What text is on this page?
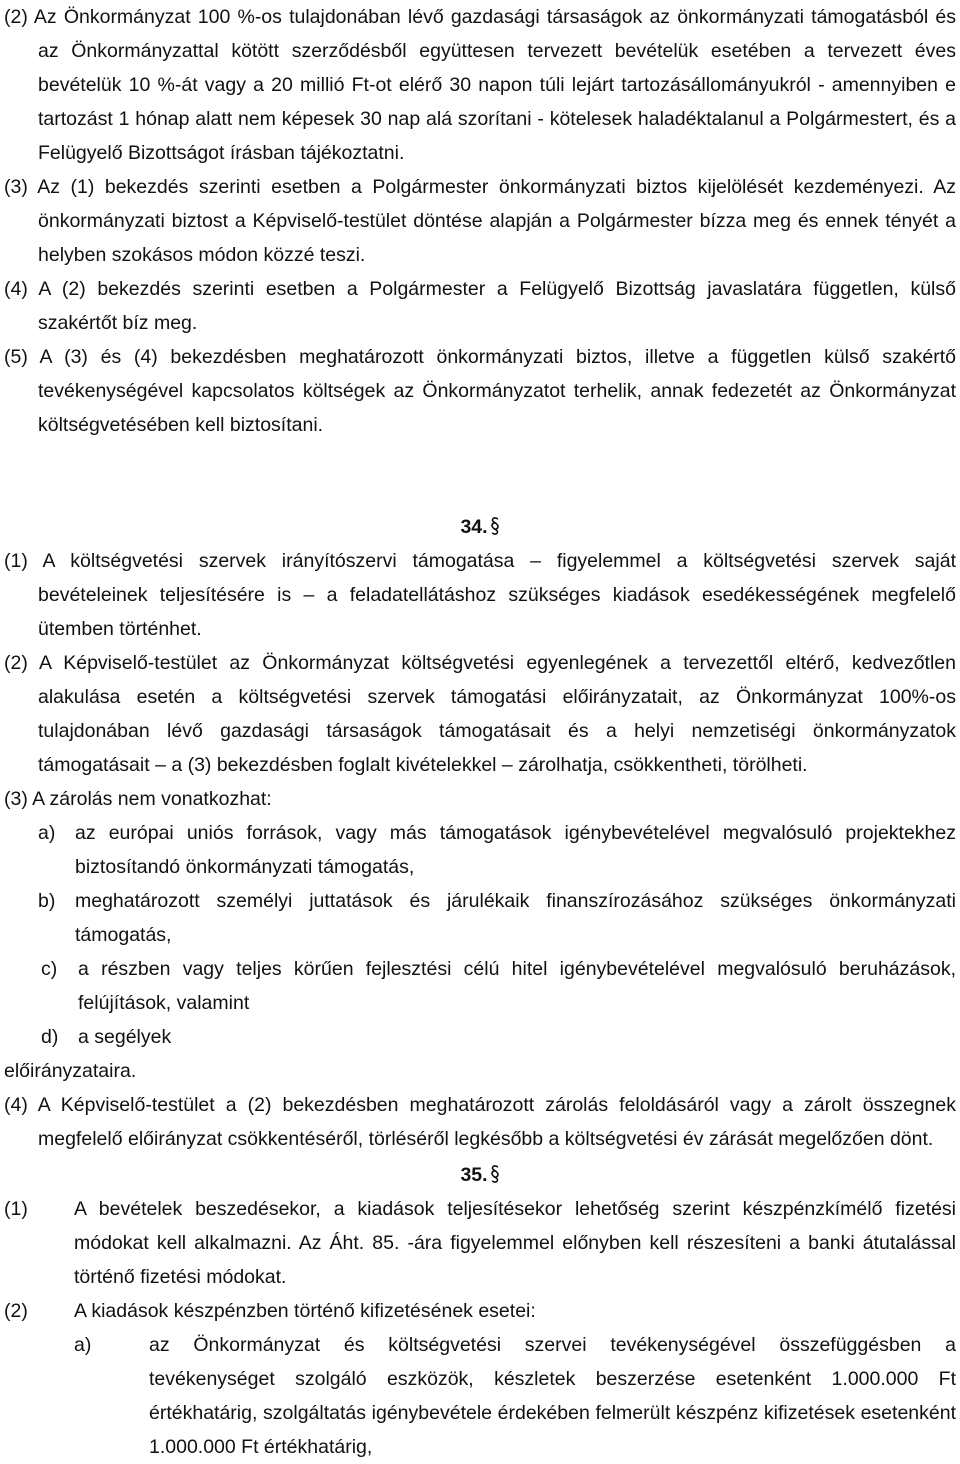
(2) Az Önkormányzat 100 %-os tulajdonában lévő gazdasági társaságok az önkormányzati támogatásból és az Önkormányzattal kötött szerződésből együttesen tervezett bevételük esetében a tervezett éves bevételük 10 %-át vagy a 20 millió Ft-ot elérő 30 napon túli lejárt tartozásállományukról - amennyiben e tartozást 1 hónap alatt nem képesek 30 nap alá szorítani - kötelesek haladéktalanul a Polgármestert, és a Felügyelő Bizottságot írásban tájékoztatni.

(3) Az (1) bekezdés szerinti esetben a Polgármester önkormányzati biztos kijelölését kezdeményezi. Az önkormányzati biztost a Képviselő-testület döntése alapján a Polgármester bízza meg és ennek tényét a helyben szokásos módon közzé teszi.

(4) A (2) bekezdés szerinti esetben a Polgármester a Felügyelő Bizottság javaslatára független, külső szakértőt bíz meg.

(5) A (3) és (4) bekezdésben meghatározott önkormányzati biztos, illetve a független külső szakértő tevékenységével kapcsolatos költségek az Önkormányzatot terhelik, annak fedezetét az Önkormányzat költségvetésében kell biztosítani.

34.

(1) A költségvetési szervek irányítószervi támogatása – figyelemmel a költségvetési szervek saját bevételeinek teljesítésére is – a feladatellátáshoz szükséges kiadások esedékességének megfelelő ütemben történhet.

(2) A Képviselő-testület az Önkormányzat költségvetési egyenlegének a tervezettől eltérő, kedvezőtlen alakulása esetén a költségvetési szervek támogatási előirányzatait, az Önkormányzat 100%-os tulajdonában lévő gazdasági társaságok támogatásait és a helyi nemzetiségi önkormányzatok támogatásait – a (3) bekezdésben foglalt kivételekkel – zárolhatja, csökkentheti, törölheti.

(3) A zárolás nem vonatkozhat:

a)	az európai uniós források, vagy más támogatások igénybevételével megvalósuló projektekhez biztosítandó önkormányzati támogatás,
b)	meghatározott személyi juttatások és járulékaik finanszírozásához szükséges önkormányzati támogatás,
c)	a részben vagy teljes körűen fejlesztési célú hitel igénybevételével megvalósuló beruházások, felújítások, valamint
d)	a segélyek

előirányzataira.

(4) A Képviselő-testület a (2) bekezdésben meghatározott zárolás feloldásáról vagy a zárolt összegnek megfelelő előirányzat csökkentéséről, törléséről legkésőbb a költségvetési év zárását megelőzően dönt.

35.

(1)	A bevételek beszedésekor, a kiadások teljesítésekor lehetőség szerint készpénzkímélő fizetési módokat kell alkalmazni. Az Áht. 85. -ára figyelemmel előnyben kell részesíteni a banki átutalással történő fizetési módokat.
(2)	A kiadások készpénzben történő kifizetésének esetei:
a)	az Önkormányzat és költségvetési szervei tevékenységével összefüggésben a tevékenységet szolgáló eszközök, készletek beszerzése esetenként 1.000.000 Ft értékhatárig, szolgáltatás igénybevétele érdekében felmerült készpénz kifizetések esetenként 1.000.000 Ft értékhatárig,
